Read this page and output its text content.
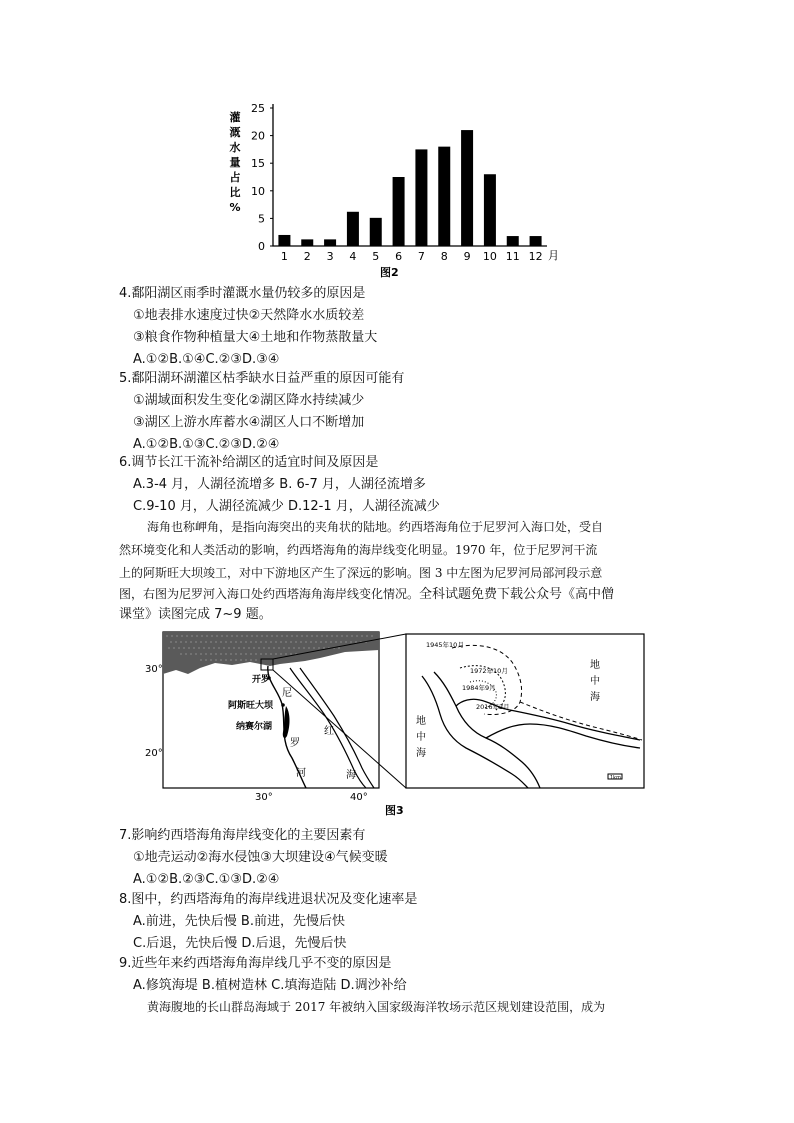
灌
溉
水
量
占
比
%
0
5
10
15
20
25
1 2 3 4 5 6 7 8 9 10 11 12 月
图2
4.鄱阳湖区雨季时灌溉水量仍较多的原因是
①地表排水速度过快②天然降水水质较差
③粮食作物种植量大④土地和作物蒸散量大
A.①②B.①④C.②③D.③④
5.鄱阳湖环湖灌区枯季缺水日益严重的原因可能有
①湖域面积发生变化②湖区降水持续减少
③湖区上游水库蓄水④湖区人口不断增加
A.①②B.①③C.②③D.②④
6.调节长江干流补给湖区的适宜时间及原因是
A.3-4 月，人湖径流增多 B. 6-7 月，人湖径流增多
C.9-10 月，人湖径流减少 D.12-1 月，人湖径流减少
海角也称岬角，是指向海突出的夹角状的陆地。约西塔海角位于尼罗河入海口处，受自
然环境变化和人类活动的影响，约西塔海角的海岸线变化明显。1970 年，位于尼罗河干流
上的阿斯旺大坝竣工，对中下游地区产生了深远的影响。图 3 中左图为尼罗河局部河段示意
图，右图为尼罗河入海口处约西塔海角海岸线变化情况。全科试题免费下载公众号《高中僧
课堂》读图完成 7~9 题。
30°
20°
30°	40°
开罗
阿斯旺大坝
纳赛尔湖
尼
罗
河
红
海
地
中
海
地
中
海
1945年10月
1972年10月
1984年9月
2016年2月
1km
图3
7.影响约西塔海角海岸线变化的主要因素有
①地壳运动②海水侵蚀③大坝建设④气候变暖
A.①②B.②③C.①③D.②④
8.图中，约西塔海角的海岸线进退状况及变化速率是
A.前进，先快后慢 B.前进，先慢后快
C.后退，先快后慢 D.后退，先慢后快
9.近些年来约西塔海角海岸线几乎不变的原因是
A.修筑海堤 B.植树造林 C.填海造陆 D.调沙补给
黄海腹地的长山群岛海域于 2017 年被纳入国家级海洋牧场示范区规划建设范围，成为
